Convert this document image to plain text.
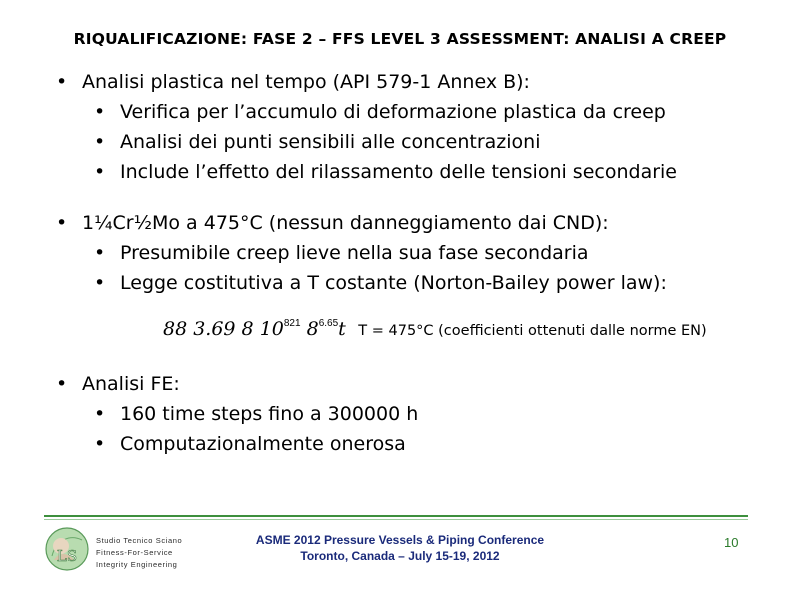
RIQUALIFICAZIONE: FASE 2 – FFS LEVEL 3 ASSESSMENT: ANALISI A CREEP
• Analisi plastica nel tempo (API 579-1 Annex B):
• Verifica per l’accumulo di deformazione plastica da creep
• Analisi dei punti sensibili alle concentrazioni
• Include l’effetto del rilassamento delle tensioni secondarie
• 1¼Cr½Mo a 475°C (nessun danneggiamento dai CND):
• Presumibile creep lieve nella sua fase secondaria
• Legge costitutiva a T costante (Norton-Bailey power law):
88 3.69 8 $10^{821}$ $8^{6.65}t$ T = 475°C (coefficienti ottenuti dalle norme EN)
• Analisi FE:
• 160 time steps fino a 300000 h
• Computazionalmente onerosa
LS
Studio Tecnico Sciano
Fitness-For-Service
Integrity Engineering
ASME 2012 Pressure Vessels & Piping Conference
Toronto, Canada – July 15-19, 2012
10
